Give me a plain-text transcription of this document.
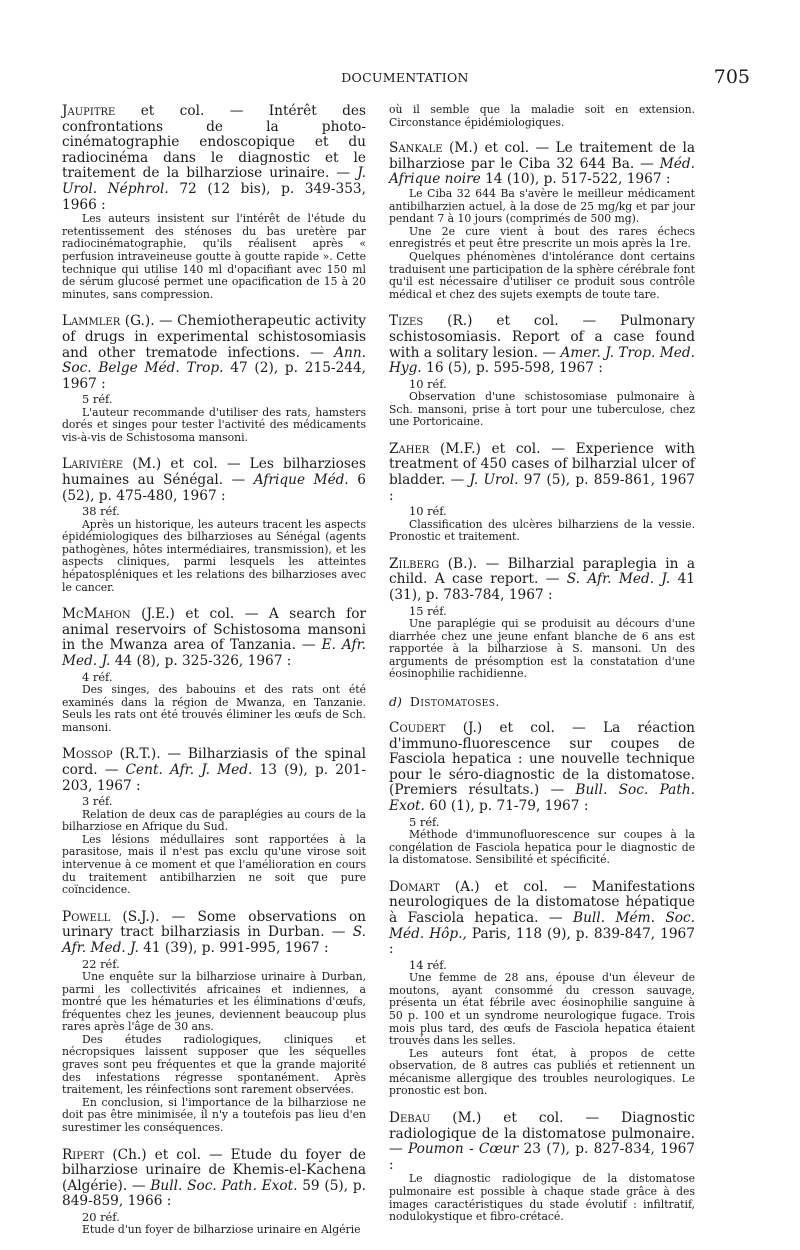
DOCUMENTATION	705

Jaupitre et col. — Intérêt des confrontations de la photo-cinématographie endoscopique et du radiocinéma dans le diagnostic et le traitement de la bilharziose urinaire. — J. Urol. Néphrol. 72 (12 bis), p. 349-353, 1966 :

Les auteurs insistent sur l'intérêt de l'étude du retentissement des sténoses du bas uretère par radiocinématographie, qu'ils réalisent après « perfusion intraveineuse goutte à goutte rapide ». Cette technique qui utilise 140 ml d'opacifiant avec 150 ml de sérum glucosé permet une opacification de 15 à 20 minutes, sans compression.

Lammler (G.). — Chemiotherapeutic activity of drugs in experimental schistosomiasis and other trematode infections. — Ann. Soc. Belge Méd. Trop. 47 (2), p. 215-244, 1967 :

5 réf.

L'auteur recommande d'utiliser des rats, hamsters dorés et singes pour tester l'activité des médicaments vis-à-vis de Schistosoma mansoni.

Larivière (M.) et col. — Les bilharzioses humaines au Sénégal. — Afrique Méd. 6 (52), p. 475-480, 1967 :

38 réf.

Après un historique, les auteurs tracent les aspects épidémiologiques des bilharzioses au Sénégal (agents pathogènes, hôtes intermédiaires, transmission), et les aspects cliniques, parmi lesquels les atteintes hépatospléniques et les relations des bilharzioses avec le cancer.

McMahon (J.E.) et col. — A search for animal reservoirs of Schistosoma mansoni in the Mwanza area of Tanzania. — E. Afr. Med. J. 44 (8), p. 325-326, 1967 :

4 réf.

Des singes, des babouins et des rats ont été examinés dans la région de Mwanza, en Tanzanie. Seuls les rats ont été trouvés éliminer les œufs de Sch. mansoni.

Mossop (R.T.). — Bilharziasis of the spinal cord. — Cent. Afr. J. Med. 13 (9), p. 201-203, 1967 :

3 réf.

Relation de deux cas de paraplégies au cours de la bilharziose en Afrique du Sud.

Les lésions médullaires sont rapportées à la parasitose, mais il n'est pas exclu qu'une virose soit intervenue à ce moment et que l'amélioration en cours du traitement antibilharzien ne soit que pure coïncidence.

Powell (S.J.). — Some observations on urinary tract bilharziasis in Durban. — S. Afr. Med. J. 41 (39), p. 991-995, 1967 :

22 réf.

Une enquête sur la bilharziose urinaire à Durban, parmi les collectivités africaines et indiennes, a montré que les hématuries et les éliminations d'œufs, fréquentes chez les jeunes, deviennent beaucoup plus rares après l'âge de 30 ans.

Des études radiologiques, cliniques et nécropsiques laissent supposer que les séquelles graves sont peu fréquentes et que la grande majorité des infestations régresse spontanément. Après traitement, les réinfections sont rarement observées.

En conclusion, si l'importance de la bilharziose ne doit pas être minimisée, il n'y a toutefois pas lieu d'en surestimer les conséquences.

Ripert (Ch.) et col. — Etude du foyer de bilharziose urinaire de Khemis-el-Kachena (Algérie). — Bull. Soc. Path. Exot. 59 (5), p. 849-859, 1966 :

20 réf.

Etude d'un foyer de bilharziose urinaire en Algérie

où il semble que la maladie soit en extension. Circonstance épidémiologiques.

Sankale (M.) et col. — Le traitement de la bilharziose par le Ciba 32 644 Ba. — Méd. Afrique noire 14 (10), p. 517-522, 1967 :

Le Ciba 32 644 Ba s'avère le meilleur médicament antibilharzien actuel, à la dose de 25 mg/kg et par jour pendant 7 à 10 jours (comprimés de 500 mg).

Une 2e cure vient à bout des rares échecs enregistrés et peut être prescrite un mois après la 1re.

Quelques phénomènes d'intolérance dont certains traduisent une participation de la sphère cérébrale font qu'il est nécessaire d'utiliser ce produit sous contrôle médical et chez des sujets exempts de toute tare.

Tizes (R.) et col. — Pulmonary schistosomiasis. Report of a case found with a solitary lesion. — Amer. J. Trop. Med. Hyg. 16 (5), p. 595-598, 1967 :

10 réf.

Observation d'une schistosomiase pulmonaire à Sch. mansoni, prise à tort pour une tuberculose, chez une Portoricaine.

Zaher (M.F.) et col. — Experience with treatment of 450 cases of bilharzial ulcer of bladder. — J. Urol. 97 (5), p. 859-861, 1967 :

10 réf.

Classification des ulcères bilharziens de la vessie. Pronostic et traitement.

Zilberg (B.). — Bilharzial paraplegia in a child. A case report. — S. Afr. Med. J. 41 (31), p. 783-784, 1967 :

15 réf.

Une paraplégie qui se produisit au décours d'une diarrhée chez une jeune enfant blanche de 6 ans est rapportée à la bilharziose à S. mansoni. Un des arguments de présomption est la constatation d'une éosinophilie rachidienne.

d) Distomatoses.

Coudert (J.) et col. — La réaction d'immuno-fluorescence sur coupes de Fasciola hepatica : une nouvelle technique pour le séro-diagnostic de la distomatose. (Premiers résultats.) — Bull. Soc. Path. Exot. 60 (1), p. 71-79, 1967 :

5 réf.

Méthode d'immunofluorescence sur coupes à la congélation de Fasciola hepatica pour le diagnostic de la distomatose. Sensibilité et spécificité.

Domart (A.) et col. — Manifestations neurologiques de la distomatose hépatique à Fasciola hepatica. — Bull. Mém. Soc. Méd. Hôp., Paris, 118 (9), p. 839-847, 1967 :

14 réf.

Une femme de 28 ans, épouse d'un éleveur de moutons, ayant consommé du cresson sauvage, présenta un état fébrile avec éosinophilie sanguine à 50 p. 100 et un syndrome neurologique fugace. Trois mois plus tard, des œufs de Fasciola hepatica étaient trouvés dans les selles.

Les auteurs font état, à propos de cette observation, de 8 autres cas publiés et retiennent un mécanisme allergique des troubles neurologiques. Le pronostic est bon.

Debau (M.) et col. — Diagnostic radiologique de la distomatose pulmonaire. — Poumon - Cœur 23 (7), p. 827-834, 1967 :

Le diagnostic radiologique de la distomatose pulmonaire est possible à chaque stade grâce à des images caractéristiques du stade évolutif : infiltratif, nodulokystique et fibro-crétacé.
